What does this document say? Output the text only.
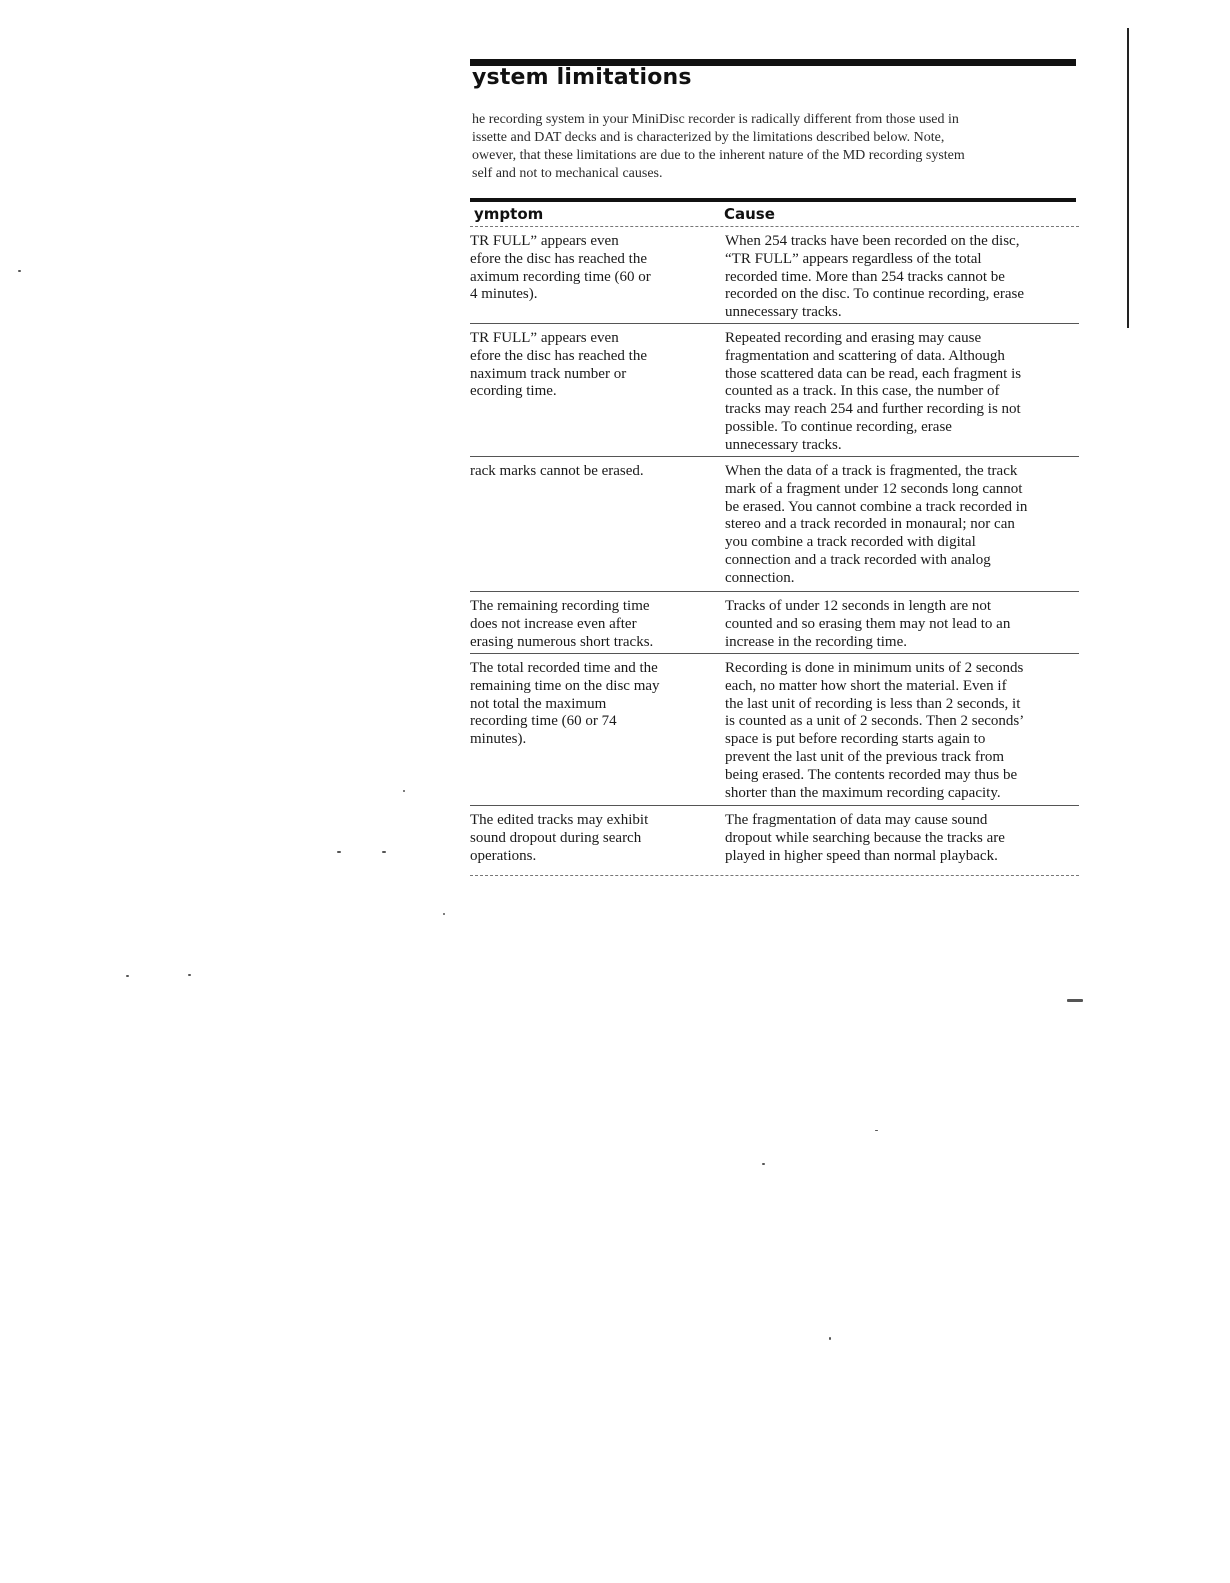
ystem limitations

he recording system in your MiniDisc recorder is radically different from those used in
issette and DAT decks and is characterized by the limitations described below. Note,
owever, that these limitations are due to the inherent nature of the MD recording system
self and not to mechanical causes.

ymptom	Cause

TR FULL” appears even
efore the disc has reached the
aximum recording time (60 or
4 minutes).

When 254 tracks have been recorded on the disc,
“TR FULL” appears regardless of the total
recorded time. More than 254 tracks cannot be
recorded on the disc. To continue recording, erase
unnecessary tracks.

TR FULL” appears even
efore the disc has reached the
naximum track number or
ecording time.

Repeated recording and erasing may cause
fragmentation and scattering of data. Although
those scattered data can be read, each fragment is
counted as a track. In this case, the number of
tracks may reach 254 and further recording is not
possible. To continue recording, erase
unnecessary tracks.

rack marks cannot be erased.	When the data of a track is fragmented, the track
mark of a fragment under 12 seconds long cannot
be erased. You cannot combine a track recorded in
stereo and a track recorded in monaural; nor can
you combine a track recorded with digital
connection and a track recorded with analog
connection.

The remaining recording time
does not increase even after
erasing numerous short tracks.

Tracks of under 12 seconds in length are not
counted and so erasing them may not lead to an
increase in the recording time.

The total recorded time and the
remaining time on the disc may
not total the maximum
recording time (60 or 74
minutes).

Recording is done in minimum units of 2 seconds
each, no matter how short the material. Even if
the last unit of recording is less than 2 seconds, it
is counted as a unit of 2 seconds. Then 2 seconds’
space is put before recording starts again to
prevent the last unit of the previous track from
being erased. The contents recorded may thus be
shorter than the maximum recording capacity.

The edited tracks may exhibit
sound dropout during search
operations.

The fragmentation of data may cause sound
dropout while searching because the tracks are
played in higher speed than normal playback.
